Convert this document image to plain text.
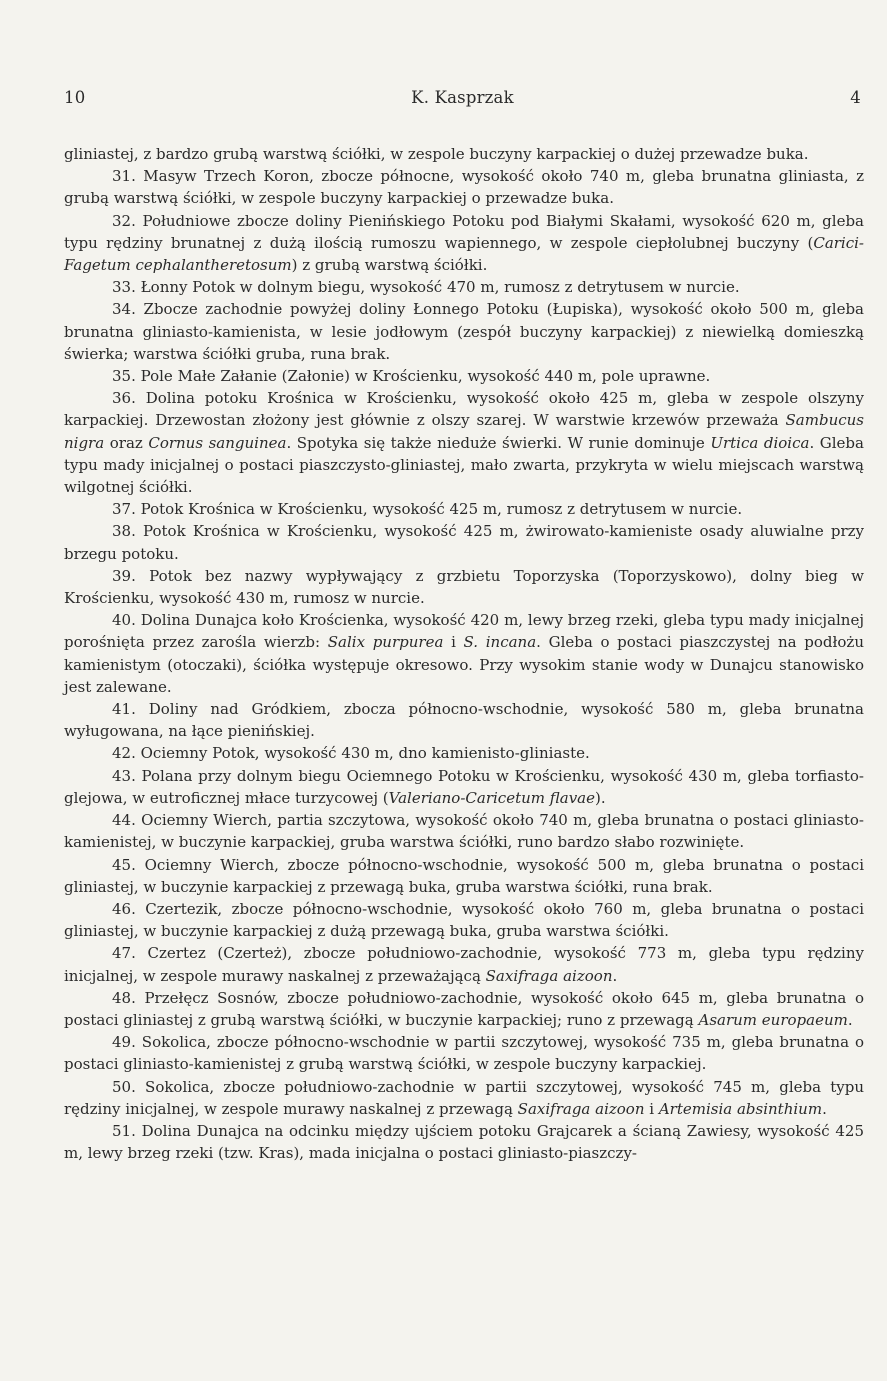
10	K. Kasprzak	4

gliniastej, z bardzo grubą warstwą ściółki, w zespole buczyny karpackiej o dużej przewadze buka.

31. Masyw Trzech Koron, zbocze północne, wysokość około 740 m, gleba brunatna gliniasta, z grubą warstwą ściółki, w zespole buczyny karpackiej o przewadze buka.

32. Południowe zbocze doliny Pienińskiego Potoku pod Białymi Skałami, wysokość 620 m, gleba typu rędziny brunatnej z dużą ilością rumoszu wapiennego, w zespole ciepłolubnej buczyny (Carici-Fagetum cephalantheretosum) z grubą warstwą ściółki.

33. Łonny Potok w dolnym biegu, wysokość 470 m, rumosz z detrytusem w nurcie.

34. Zbocze zachodnie powyżej doliny Łonnego Potoku (Łupiska), wysokość około 500 m, gleba brunatna gliniasto-kamienista, w lesie jodłowym (zespół buczyny karpackiej) z niewielką domieszką świerka; warstwa ściółki gruba, runa brak.

35. Pole Małe Załanie (Załonie) w Krościenku, wysokość 440 m, pole uprawne.

36. Dolina potoku Krośnica w Krościenku, wysokość około 425 m, gleba w zespole olszyny karpackiej. Drzewostan złożony jest głównie z olszy szarej. W warstwie krzewów przeważa Sambucus nigra oraz Cornus sanguinea. Spotyka się także nieduże świerki. W runie dominuje Urtica dioica. Gleba typu mady inicjalnej o postaci piaszczysto-gliniastej, mało zwarta, przykryta w wielu miejscach warstwą wilgotnej ściółki.

37. Potok Krośnica w Krościenku, wysokość 425 m, rumosz z detrytusem w nurcie.

38. Potok Krośnica w Krościenku, wysokość 425 m, żwirowato-kamieniste osady aluwialne przy brzegu potoku.

39. Potok bez nazwy wypływający z grzbietu Toporzyska (Toporzyskowo), dolny bieg w Krościenku, wysokość 430 m, rumosz w nurcie.

40. Dolina Dunajca koło Krościenka, wysokość 420 m, lewy brzeg rzeki, gleba typu mady inicjalnej porośnięta przez zarośla wierzb: Salix purpurea i S. incana. Gleba o postaci piaszczystej na podłożu kamienistym (otoczaki), ściółka występuje okresowo. Przy wysokim stanie wody w Dunajcu stanowisko jest zalewane.

41. Doliny nad Gródkiem, zbocza północno-wschodnie, wysokość 580 m, gleba brunatna wyługowana, na łące pienińskiej.

42. Ociemny Potok, wysokość 430 m, dno kamienisto-gliniaste.

43. Polana przy dolnym biegu Ociemnego Potoku w Krościenku, wysokość 430 m, gleba torfiasto-glejowa, w eutroficznej młace turzycowej (Valeriano-Caricetum flavae).

44. Ociemny Wierch, partia szczytowa, wysokość około 740 m, gleba brunatna o postaci gliniasto-kamienistej, w buczynie karpackiej, gruba warstwa ściółki, runo bardzo słabo rozwinięte.

45. Ociemny Wierch, zbocze północno-wschodnie, wysokość 500 m, gleba brunatna o postaci gliniastej, w buczynie karpackiej z przewagą buka, gruba warstwa ściółki, runa brak.

46. Czertezik, zbocze północno-wschodnie, wysokość około 760 m, gleba brunatna o postaci gliniastej, w buczynie karpackiej z dużą przewagą buka, gruba warstwa ściółki.

47. Czertez (Czerteż), zbocze południowo-zachodnie, wysokość 773 m, gleba typu rędziny inicjalnej, w zespole murawy naskalnej z przeważającą Saxifraga aizoon.

48. Przełęcz Sosnów, zbocze południowo-zachodnie, wysokość około 645 m, gleba brunatna o postaci gliniastej z grubą warstwą ściółki, w buczynie karpackiej; runo z przewagą Asarum europaeum.

49. Sokolica, zbocze północno-wschodnie w partii szczytowej, wysokość 735 m, gleba brunatna o postaci gliniasto-kamienistej z grubą warstwą ściółki, w zespole buczyny karpackiej.

50. Sokolica, zbocze południowo-zachodnie w partii szczytowej, wysokość 745 m, gleba typu rędziny inicjalnej, w zespole murawy naskalnej z przewagą Saxifraga aizoon i Artemisia absinthium.

51. Dolina Dunajca na odcinku między ujściem potoku Grajcarek a ścianą Zawiesy, wysokość 425 m, lewy brzeg rzeki (tzw. Kras), mada inicjalna o postaci gliniasto-piaszczy-
